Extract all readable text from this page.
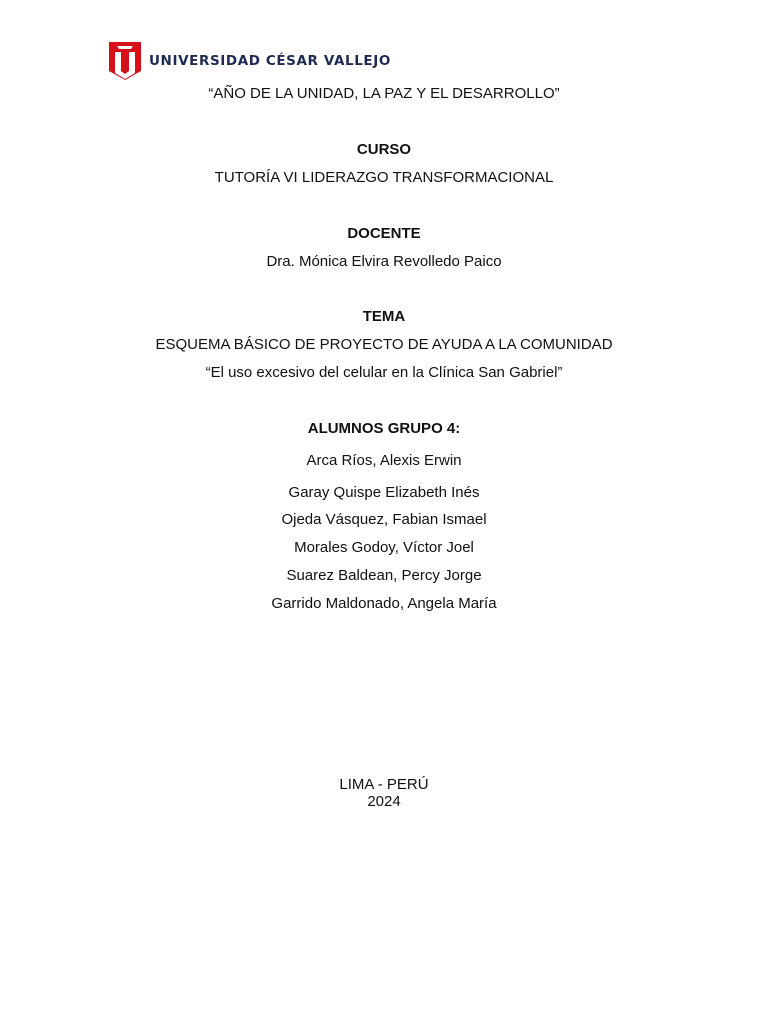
UNIVERSIDAD CÉSAR VALLEJO
“AÑO DE LA UNIDAD, LA PAZ Y EL DESARROLLO”
CURSO
TUTORÍA VI LIDERAZGO TRANSFORMACIONAL
DOCENTE
Dra. Mónica Elvira Revolledo Paico
TEMA
ESQUEMA BÁSICO DE PROYECTO DE AYUDA A LA COMUNIDAD
“El uso excesivo del celular en la Clínica San Gabriel”
ALUMNOS GRUPO 4:
Arca Ríos, Alexis Erwin
Garay Quispe Elizabeth Inés
Ojeda Vásquez, Fabian Ismael
Morales Godoy, Víctor Joel
Suarez Baldean, Percy Jorge
Garrido Maldonado, Angela María
LIMA - PERÚ
2024
